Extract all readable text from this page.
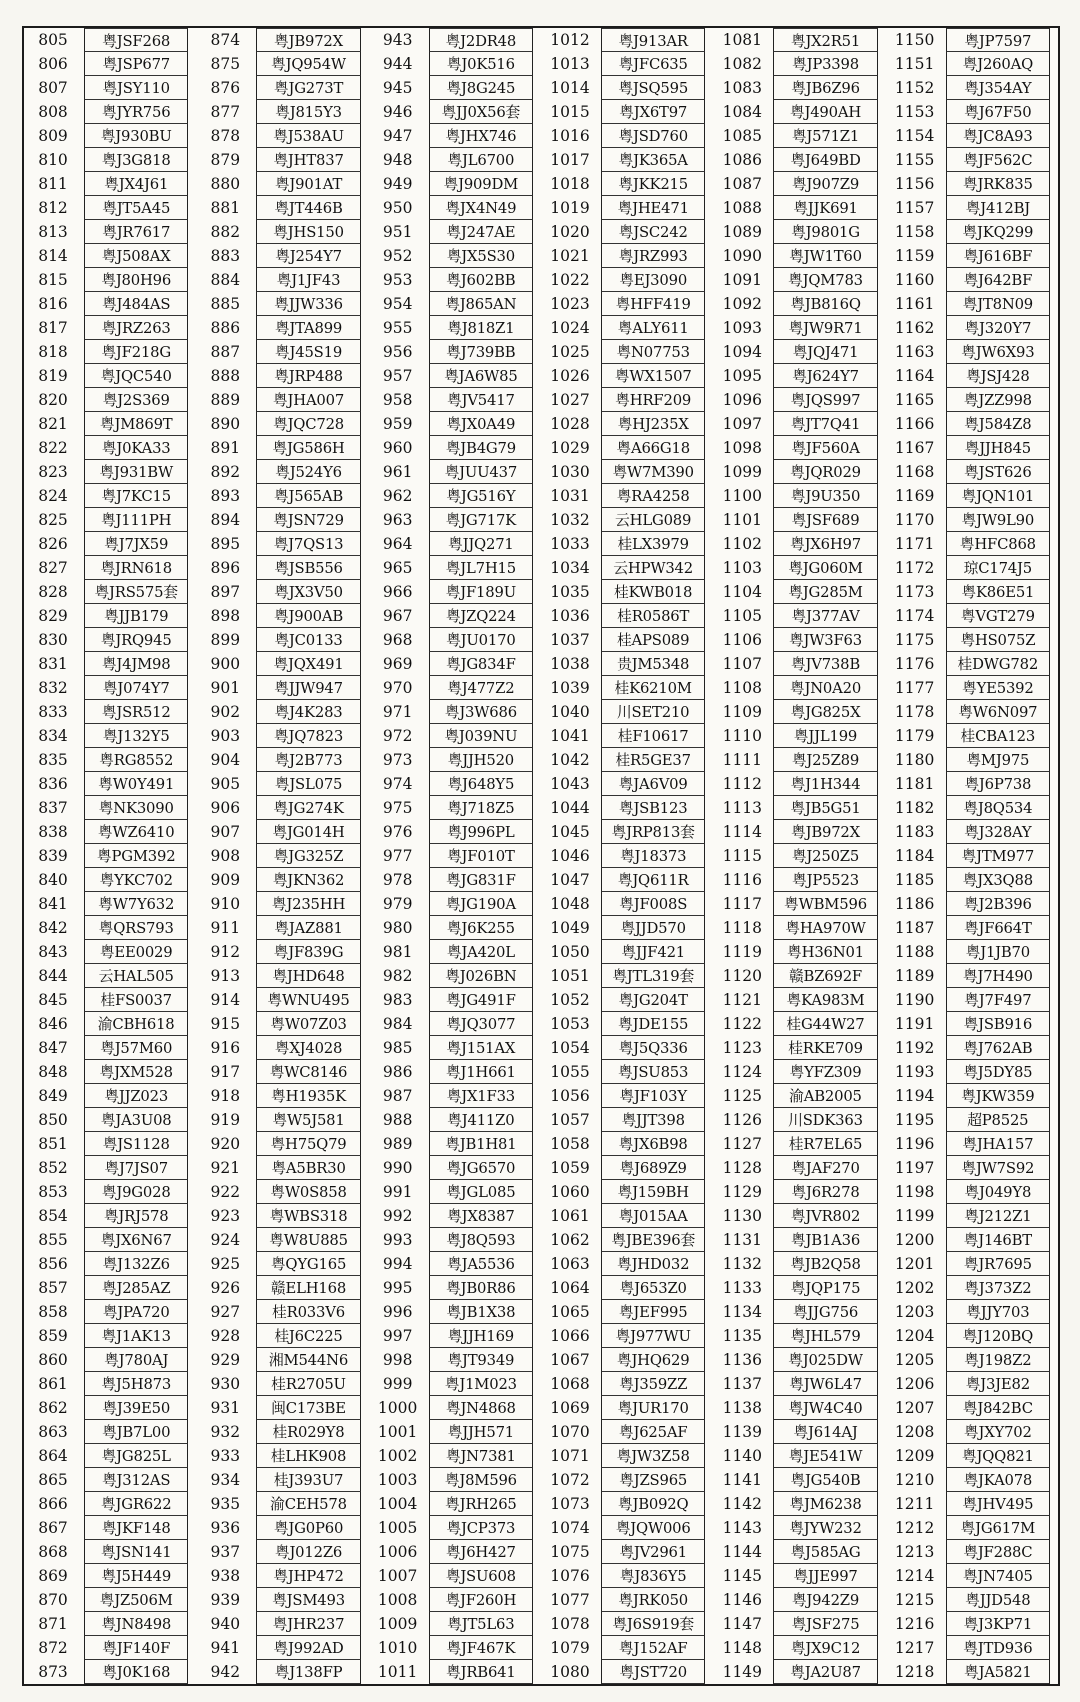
805	粤JSF268
806	粤JSP677
807	粤JSY110
808	粤JYR756
809	粤J930BU
810	粤J3G818
811	粤JX4J61
812	粤JT5A45
813	粤JR7617
814	粤J508AX
815	粤J80H96
816	粤J484AS
817	粤JRZ263
818	粤JF218G
819	粤JQC540
820	粤J2S369
821	粤JM869T
822	粤J0KA33
823	粤J931BW
824	粤J7KC15
825	粤J111PH
826	粤J7JX59
827	粤JRN618
828	粤JRS575套
829	粤JJB179
830	粤JRQ945
831	粤J4JM98
832	粤J074Y7
833	粤JSR512
834	粤J132Y5
835	粤RG8552
836	粤W0Y491
837	粤NK3090
838	粤WZ6410
839	粤PGM392
840	粤YKC702
841	粤W7Y632
842	粤QRS793
843	粤EE0029
844	云HAL505
845	桂FS0037
846	渝CBH618
847	粤J57M60
848	粤JXM528
849	粤JJZ023
850	粤JA3U08
851	粤JS1128
852	粤J7JS07
853	粤J9G028
854	粤JRJ578
855	粤JX6N67
856	粤J132Z6
857	粤J285AZ
858	粤JPA720
859	粤J1AK13
860	粤J780AJ
861	粤J5H873
862	粤J39E50
863	粤JB7L00
864	粤JG825L
865	粤J312AS
866	粤JGR622
867	粤JKF148
868	粤JSN141
869	粤J5H449
870	粤JZ506M
871	粤JN8498
872	粤JF140F
873	粤J0K168
874	粤JB972X
875	粤JQ954W
876	粤JG273T
877	粤J815Y3
878	粤J538AU
879	粤JHT837
880	粤J901AT
881	粤JT446B
882	粤JHS150
883	粤J254Y7
884	粤J1JF43
885	粤JJW336
886	粤JTA899
887	粤J45S19
888	粤JRP488
889	粤JHA007
890	粤JQC728
891	粤JG586H
892	粤J524Y6
893	粤J565AB
894	粤JSN729
895	粤J7QS13
896	粤JSB556
897	粤JX3V50
898	粤J900AB
899	粤JC0133
900	粤JQX491
901	粤JJW947
902	粤J4K283
903	粤JQ7823
904	粤J2B773
905	粤JSL075
906	粤JG274K
907	粤JG014H
908	粤JG325Z
909	粤JKN362
910	粤J235HH
911	粤JAZ881
912	粤JF839G
913	粤JHD648
914	粤WNU495
915	粤W07Z03
916	粤XJ4028
917	粤WC8146
918	粤H1935K
919	粤W5J581
920	粤H75Q79
921	粤A5BR30
922	粤W0S858
923	粤WBS318
924	粤W8U885
925	粤QYG165
926	赣ELH168
927	桂R033V6
928	桂J6C225
929	湘M544N6
930	桂R2705U
931	闽C173BE
932	桂R029Y8
933	桂LHK908
934	桂J393U7
935	渝CEH578
936	粤JG0P60
937	粤J012Z6
938	粤JHP472
939	粤JSM493
940	粤JHR237
941	粤J992AD
942	粤J138FP
943	粤J2DR48
944	粤J0K516
945	粤J8G245
946	粤JJ0X56套
947	粤JHX746
948	粤JL6700
949	粤J909DM
950	粤JX4N49
951	粤J247AE
952	粤JX5S30
953	粤J602BB
954	粤J865AN
955	粤J818Z1
956	粤J739BB
957	粤JA6W85
958	粤JV5417
959	粤JX0A49
960	粤JB4G79
961	粤JUU437
962	粤JG516Y
963	粤JG717K
964	粤JJQ271
965	粤JL7H15
966	粤JF189U
967	粤JZQ224
968	粤JU0170
969	粤JG834F
970	粤J477Z2
971	粤J3W686
972	粤J039NU
973	粤JJH520
974	粤J648Y5
975	粤J718Z5
976	粤J996PL
977	粤JF010T
978	粤JG831F
979	粤JG190A
980	粤J6K255
981	粤JA420L
982	粤J026BN
983	粤JG491F
984	粤JQ3077
985	粤J151AX
986	粤J1H661
987	粤JX1F33
988	粤J411Z0
989	粤JB1H81
990	粤JG6570
991	粤JGL085
992	粤JX8387
993	粤J8Q593
994	粤JA5536
995	粤JB0R86
996	粤JB1X38
997	粤JJH169
998	粤JT9349
999	粤J1M023
1000	粤JN4868
1001	粤JJH571
1002	粤JN7381
1003	粤J8M596
1004	粤JRH265
1005	粤JCP373
1006	粤J6H427
1007	粤JSU608
1008	粤JF260H
1009	粤JT5L63
1010	粤JF467K
1011	粤JRB641
1012	粤J913AR
1013	粤JFC635
1014	粤JSQ595
1015	粤JX6T97
1016	粤JSD760
1017	粤JK365A
1018	粤JKK215
1019	粤JHE471
1020	粤JSC242
1021	粤JRZ993
1022	粤EJ3090
1023	粤HFF419
1024	粤ALY611
1025	粤N07753
1026	粤WX1507
1027	粤HRF209
1028	粤HJ235X
1029	粤A66G18
1030	粤W7M390
1031	粤RA4258
1032	云HLG089
1033	桂LX3979
1034	云HPW342
1035	桂KWB018
1036	桂R0586T
1037	桂APS089
1038	贵JM5348
1039	桂K6210M
1040	川SET210
1041	桂F10617
1042	桂R5GE37
1043	粤JA6V09
1044	粤JSB123
1045	粤JRP813套
1046	粤J18373
1047	粤JQ611R
1048	粤JF008S
1049	粤JJD570
1050	粤JJF421
1051	粤JTL319套
1052	粤JG204T
1053	粤JDE155
1054	粤J5Q336
1055	粤JSU853
1056	粤JF103Y
1057	粤JJT398
1058	粤JX6B98
1059	粤J689Z9
1060	粤J159BH
1061	粤J015AA
1062	粤JBE396套
1063	粤JHD032
1064	粤J653Z0
1065	粤JEF995
1066	粤J977WU
1067	粤JHQ629
1068	粤J359ZZ
1069	粤JUR170
1070	粤J625AF
1071	粤JW3Z58
1072	粤JZS965
1073	粤JB092Q
1074	粤JQW006
1075	粤JV2961
1076	粤J836Y5
1077	粤JRK050
1078	粤J6S919套
1079	粤J152AF
1080	粤JST720
1081	粤JX2R51
1082	粤JP3398
1083	粤JB6Z96
1084	粤J490AH
1085	粤J571Z1
1086	粤J649BD
1087	粤J907Z9
1088	粤JJK691
1089	粤J9801G
1090	粤JW1T60
1091	粤JQM783
1092	粤JB816Q
1093	粤JW9R71
1094	粤JQJ471
1095	粤J624Y7
1096	粤JQS997
1097	粤JT7Q41
1098	粤JF560A
1099	粤JQR029
1100	粤J9U350
1101	粤JSF689
1102	粤JX6H97
1103	粤JG060M
1104	粤JG285M
1105	粤J377AV
1106	粤JW3F63
1107	粤JV738B
1108	粤JN0A20
1109	粤JG825X
1110	粤JJL199
1111	粤J25Z89
1112	粤J1H344
1113	粤JB5G51
1114	粤JB972X
1115	粤J250Z5
1116	粤JP5523
1117	粤WBM596
1118	粤HA970W
1119	粤H36N01
1120	赣BZ692F
1121	粤KA983M
1122	桂G44W27
1123	桂RKE709
1124	粤YFZ309
1125	渝AB2005
1126	川SDK363
1127	桂R7EL65
1128	粤JAF270
1129	粤J6R278
1130	粤JVR802
1131	粤JB1A36
1132	粤JB2Q58
1133	粤JQP175
1134	粤JJG756
1135	粤JHL579
1136	粤J025DW
1137	粤JW6L47
1138	粤JW4C40
1139	粤J614AJ
1140	粤JE541W
1141	粤JG540B
1142	粤JM6238
1143	粤JYW232
1144	粤J585AG
1145	粤JJE997
1146	粤J942Z9
1147	粤JSF275
1148	粤JX9C12
1149	粤JA2U87
1150	粤JP7597
1151	粤J260AQ
1152	粤J354AY
1153	粤J67F50
1154	粤JC8A93
1155	粤JF562C
1156	粤JRK835
1157	粤J412BJ
1158	粤JKQ299
1159	粤J616BF
1160	粤J642BF
1161	粤JT8N09
1162	粤J320Y7
1163	粤JW6X93
1164	粤JSJ428
1165	粤JZZ998
1166	粤J584Z8
1167	粤JJH845
1168	粤JST626
1169	粤JQN101
1170	粤JW9L90
1171	粤HFC868
1172	琼C174J5
1173	粤K86E51
1174	粤VGT279
1175	粤HS075Z
1176	桂DWG782
1177	粤YE5392
1178	粤W6N097
1179	桂CBA123
1180	粤MJ975
1181	粤J6P738
1182	粤J8Q534
1183	粤J328AY
1184	粤JTM977
1185	粤JX3Q88
1186	粤J2B396
1187	粤JF664T
1188	粤J1JB70
1189	粤J7H490
1190	粤J7F497
1191	粤JSB916
1192	粤J762AB
1193	粤J5DY85
1194	粤JKW359
1195	超P8525
1196	粤JHA157
1197	粤JW7S92
1198	粤J049Y8
1199	粤J212Z1
1200	粤J146BT
1201	粤JR7695
1202	粤J373Z2
1203	粤JJY703
1204	粤J120BQ
1205	粤J198Z2
1206	粤J3JE82
1207	粤J842BC
1208	粤JXY702
1209	粤JQQ821
1210	粤JKA078
1211	粤JHV495
1212	粤JG617M
1213	粤JF288C
1214	粤JN7405
1215	粤JJD548
1216	粤J3KP71
1217	粤JTD936
1218	粤JA5821
